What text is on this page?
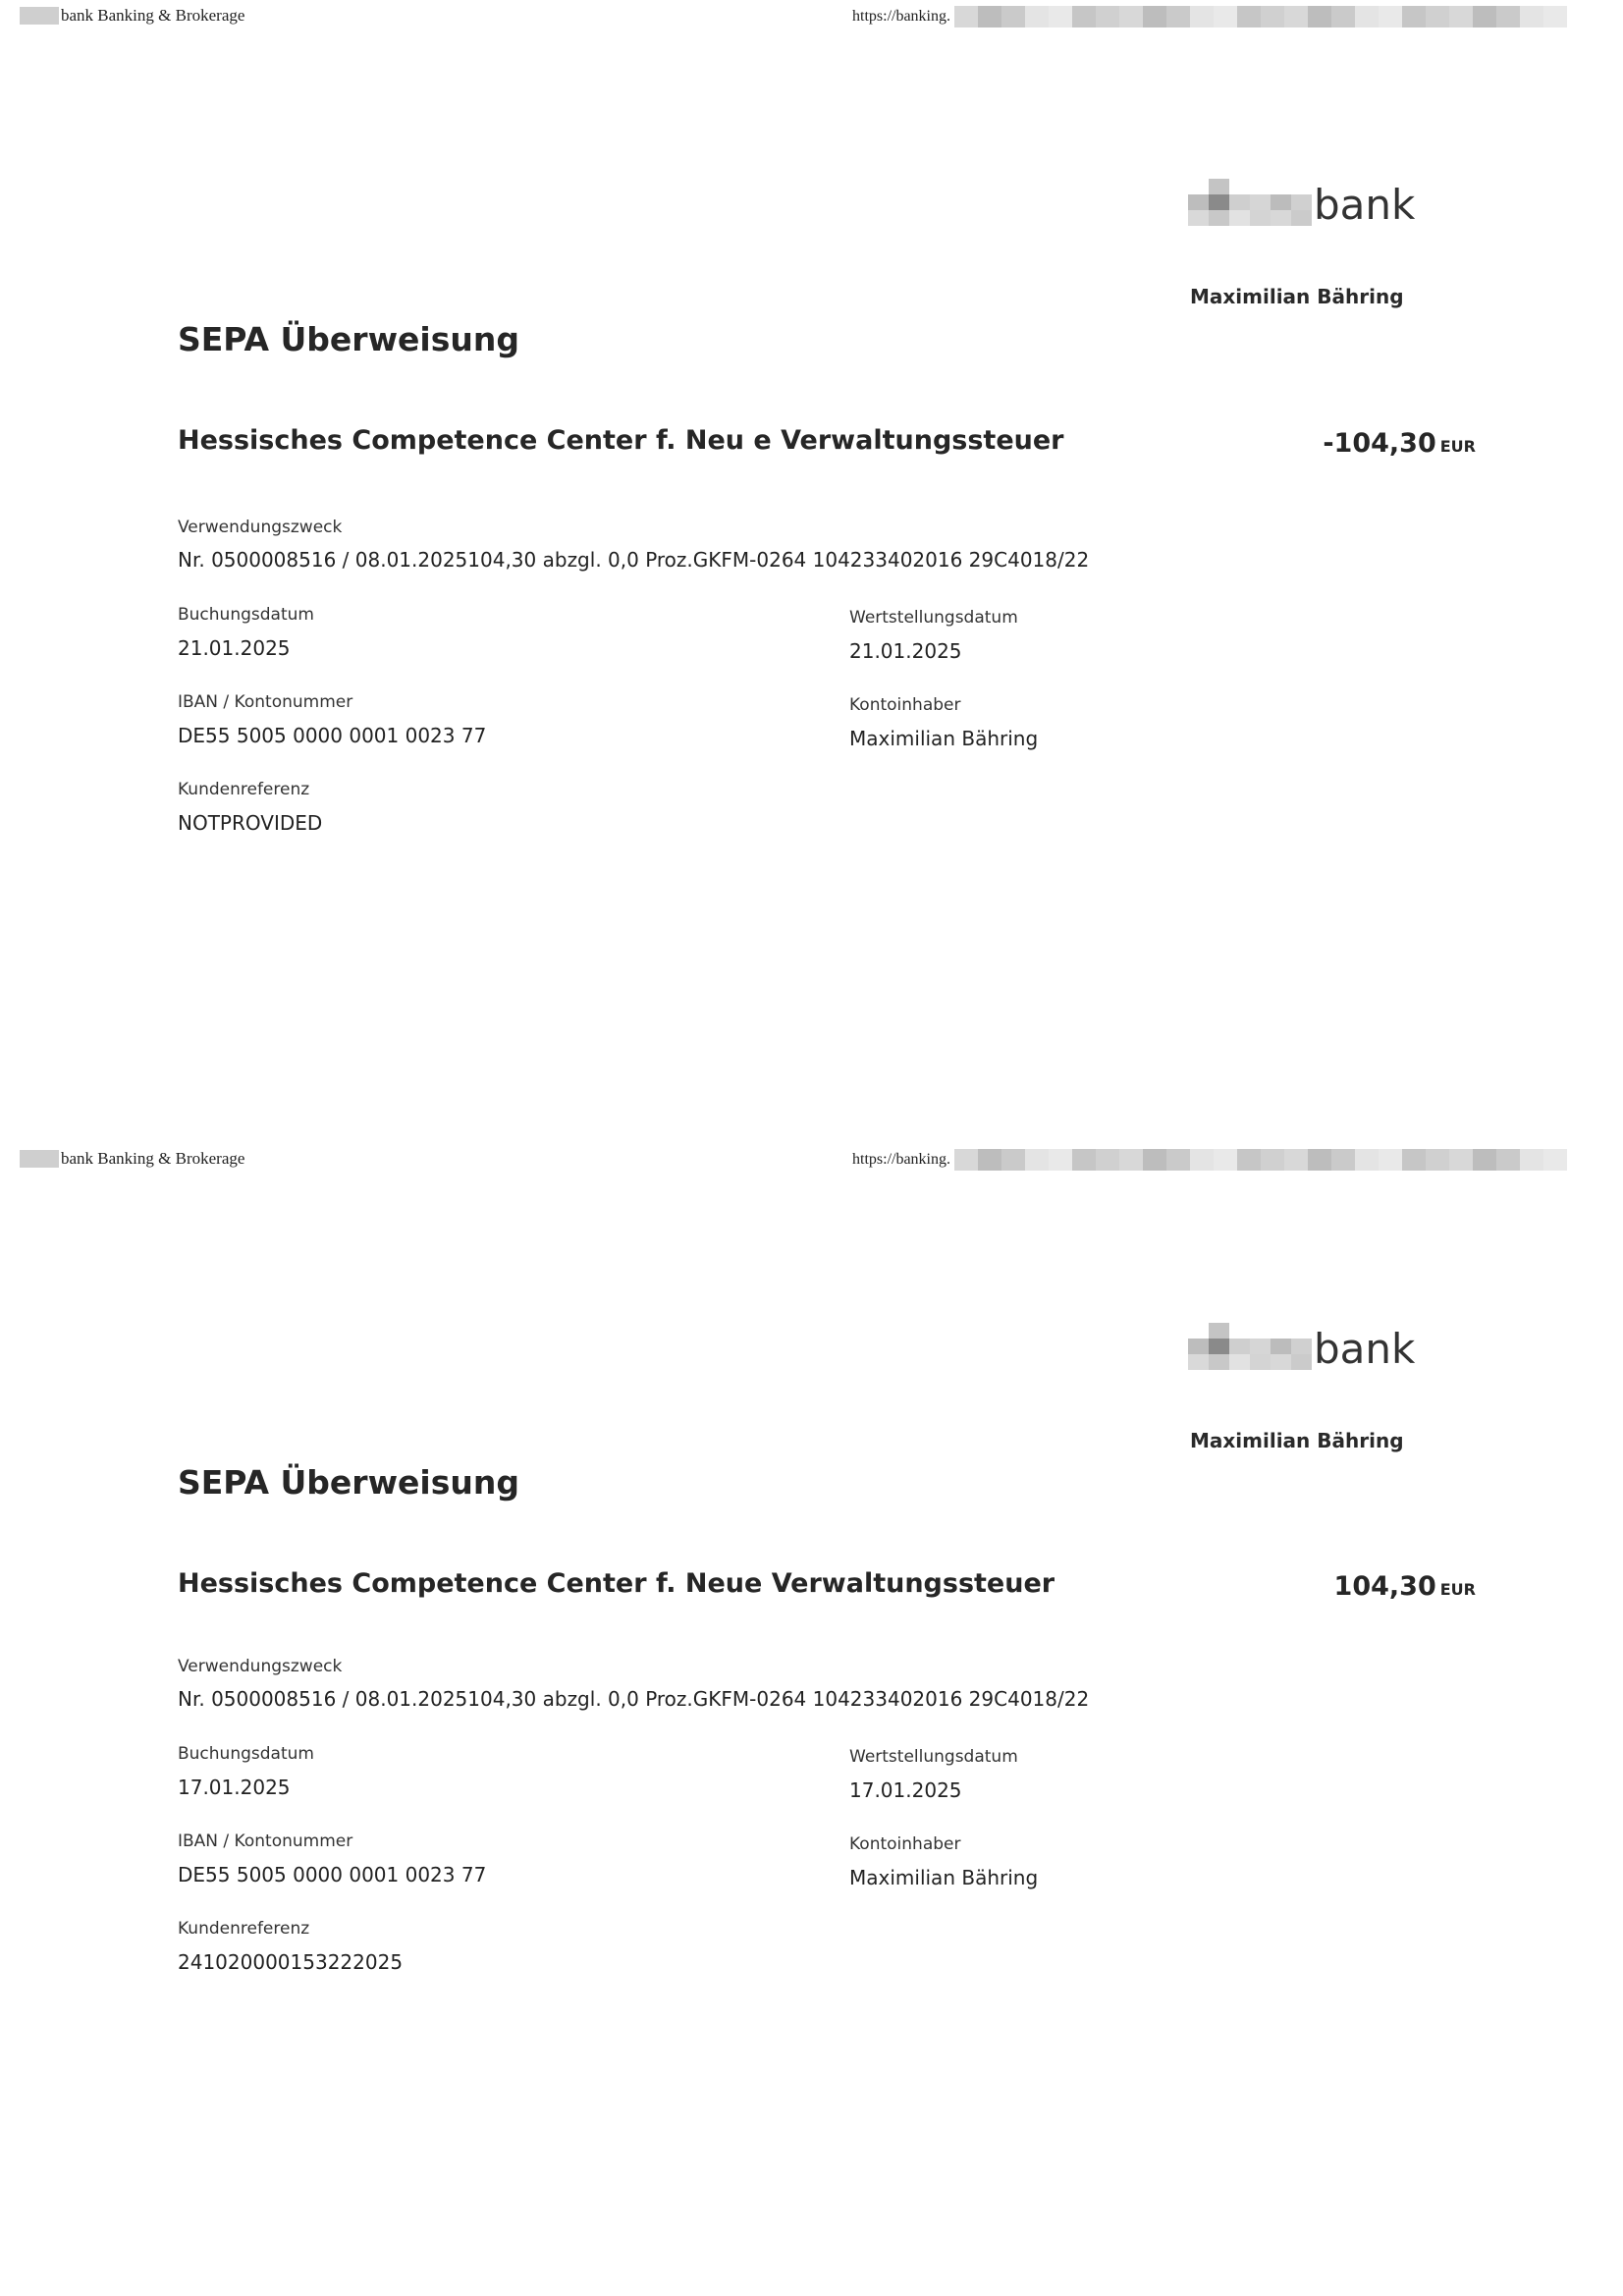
bank Banking & Brokerage	https://banking.
bank
Maximilian Bähring
SEPA Überweisung
Hessisches Competence Center f. Neu e Verwaltungssteuer	-104,30 EUR
Verwendungszweck
Nr. 0500008516 / 08.01.2025104,30 abzgl. 0,0 Proz.GKFM-0264 104233402016 29C4018/22
Buchungsdatum
21.01.2025
Wertstellungsdatum
21.01.2025
IBAN / Kontonummer
DE55 5005 0000 0001 0023 77
Kontoinhaber
Maximilian Bähring
Kundenreferenz
NOTPROVIDED
bank Banking & Brokerage	https://banking.
bank
Maximilian Bähring
SEPA Überweisung
Hessisches Competence Center f. Neue Verwaltungssteuer	104,30 EUR
Verwendungszweck
Nr. 0500008516 / 08.01.2025104,30 abzgl. 0,0 Proz.GKFM-0264 104233402016 29C4018/22
Buchungsdatum
17.01.2025
Wertstellungsdatum
17.01.2025
IBAN / Kontonummer
DE55 5005 0000 0001 0023 77
Kontoinhaber
Maximilian Bähring
Kundenreferenz
241020000153222025
